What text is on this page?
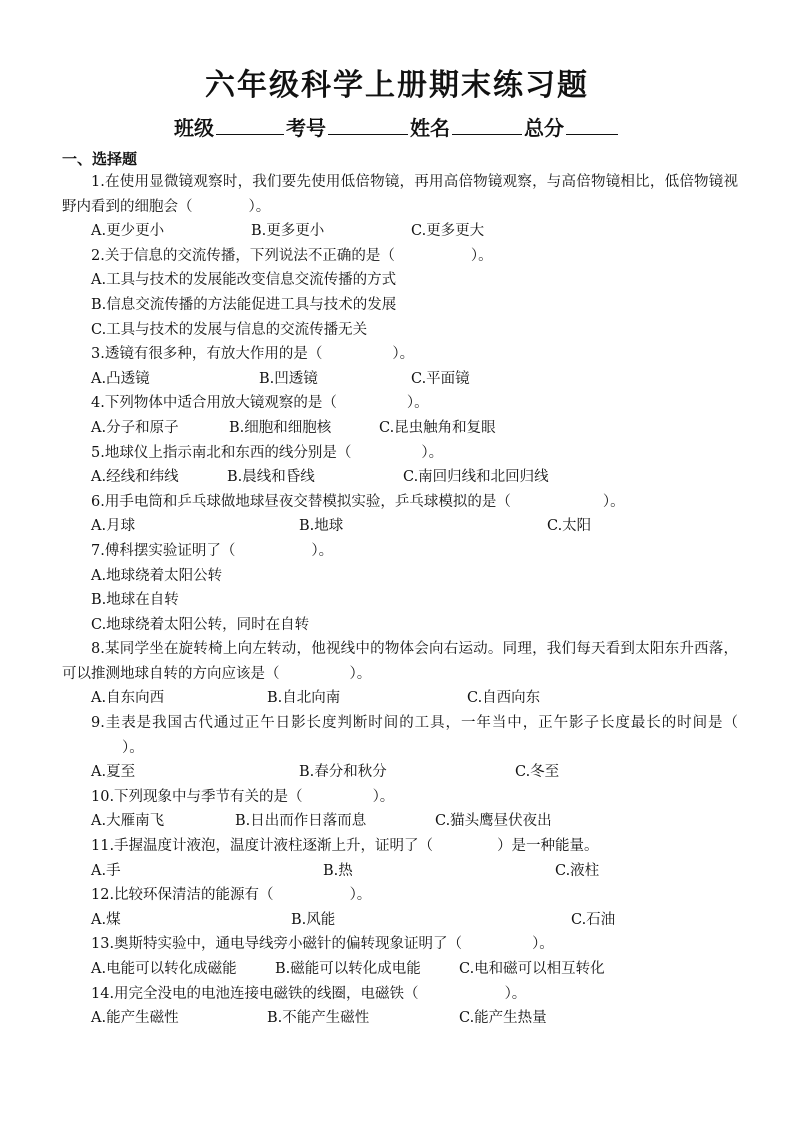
六年级科学上册期末练习题
班级	考号	姓名	总分
一、选择题

1.在使用显微镜观察时，我们要先使用低倍物镜，再用高倍物镜观察，与高倍物镜相比，低倍物镜视野内看到的细胞会（	）。

A.更少更小	B.更多更小	C.更多更大

2.关于信息的交流传播，下列说法不正确的是（	）。

A.工具与技术的发展能改变信息交流传播的方式

B.信息交流传播的方法能促进工具与技术的发展

C.工具与技术的发展与信息的交流传播无关

3.透镜有很多种，有放大作用的是（	）。

A.凸透镜	B.凹透镜	C.平面镜

4.下列物体中适合用放大镜观察的是（	）。

A.分子和原子	B.细胞和细胞核	C.昆虫触角和复眼

5.地球仪上指示南北和东西的线分别是（	）。

A.经线和纬线	B.晨线和昏线	C.南回归线和北回归线

6.用手电筒和乒乓球做地球昼夜交替模拟实验，乒乓球模拟的是（	）。

A.月球	B.地球	C.太阳

7.傅科摆实验证明了（	）。

A.地球绕着太阳公转

B.地球在自转

C.地球绕着太阳公转，同时在自转

8.某同学坐在旋转椅上向左转动，他视线中的物体会向右运动。同理，我们每天看到太阳东升西落，可以推测地球自转的方向应该是（	）。

A.自东向西	B.自北向南	C.自西向东

9.圭表是我国古代通过正午日影长度判断时间的工具，一年当中，正午影子长度最长的时间是（）。

A.夏至	B.春分和秋分	C.冬至

10.下列现象中与季节有关的是（	）。

A.大雁南飞	B.日出而作日落而息	C.猫头鹰昼伏夜出

11.手握温度计液泡，温度计液柱逐渐上升，证明了（	）是一种能量。

A.手	B.热	C.液柱

12.比较环保清洁的能源有（	）。

A.煤	B.风能	C.石油

13.奥斯特实验中，通电导线旁小磁针的偏转现象证明了（	）。

A.电能可以转化成磁能	B.磁能可以转化成电能	C.电和磁可以相互转化

14.用完全没电的电池连接电磁铁的线圈，电磁铁（	）。

A.能产生磁性	B.不能产生磁性	C.能产生热量
